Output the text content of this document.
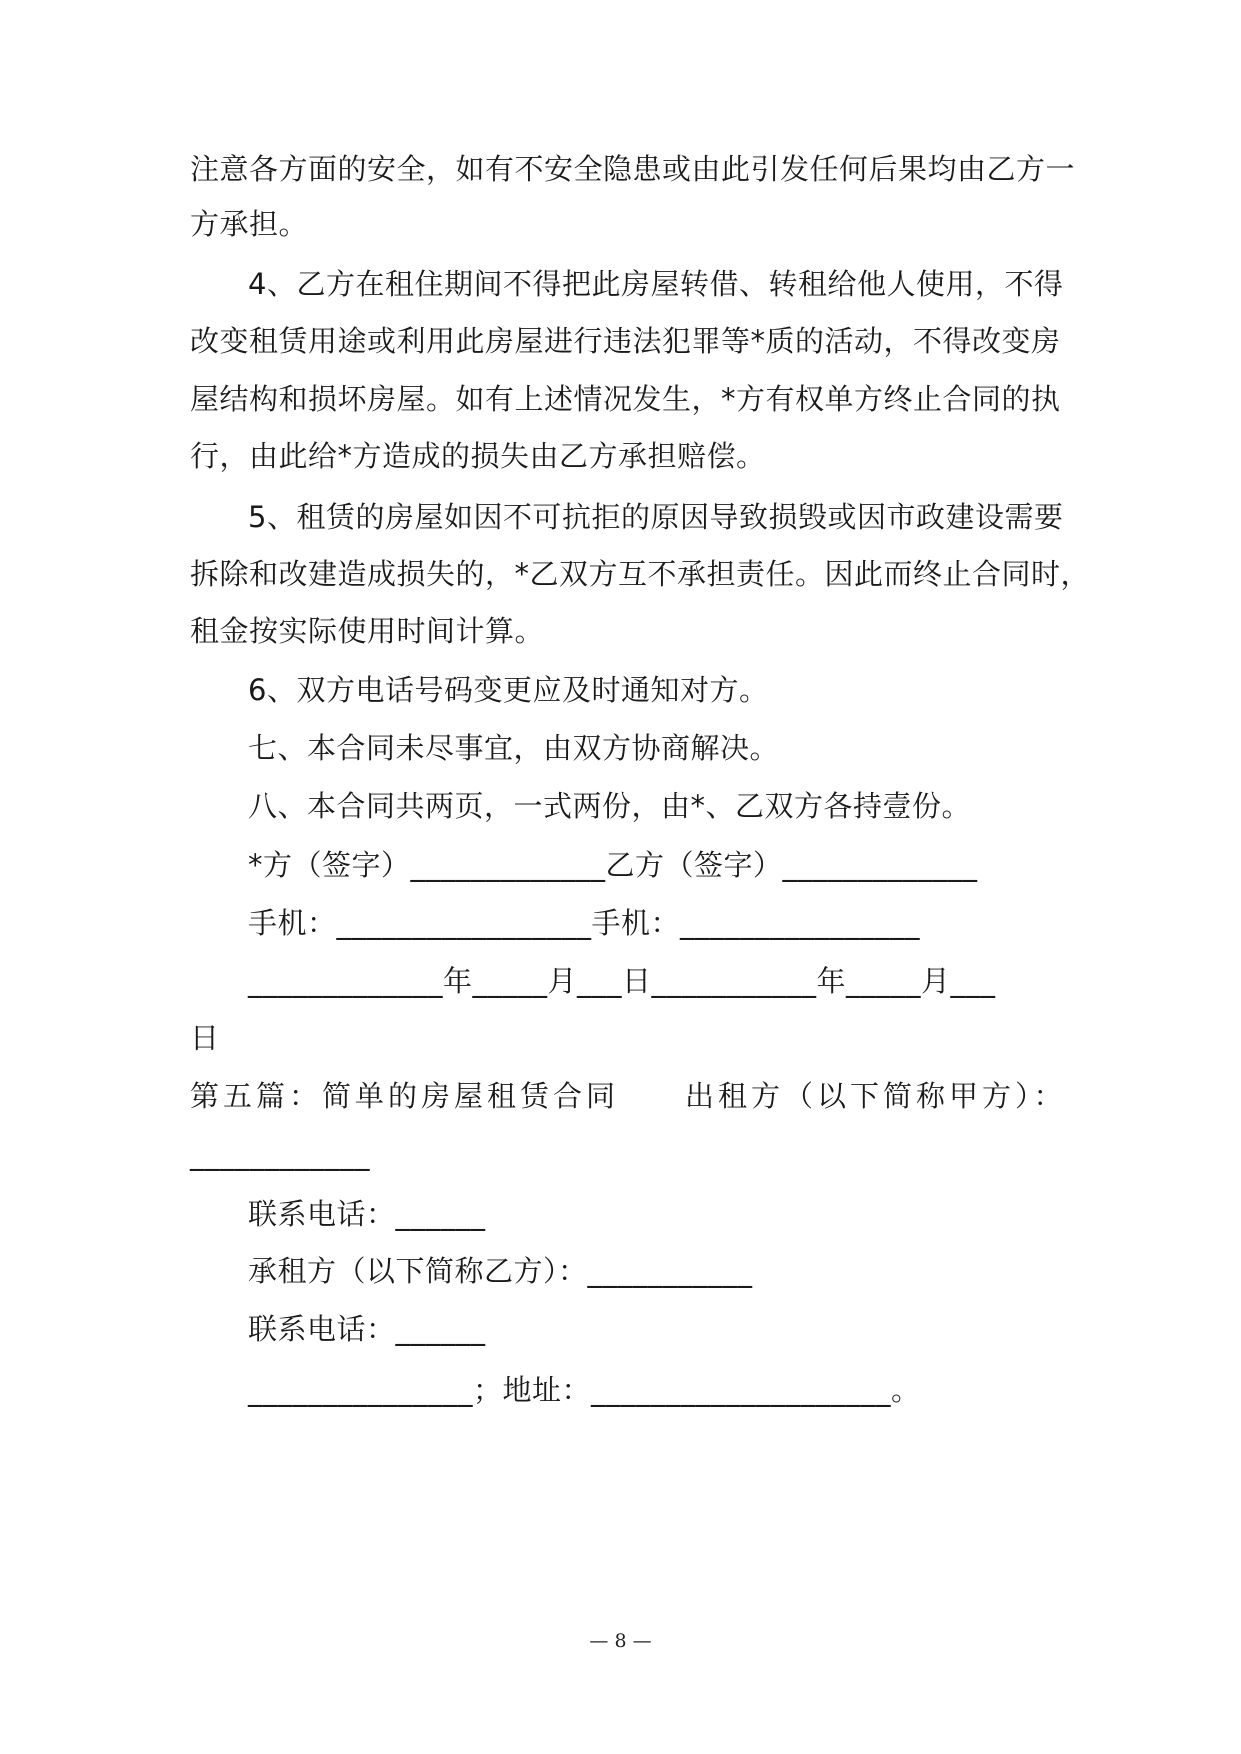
注意各方面的安全，如有不安全隐患或由此引发任何后果均由乙方一
方承担。
4、乙方在租住期间不得把此房屋转借、转租给他人使用，不得
改变租赁用途或利用此房屋进行违法犯罪等*质的活动，不得改变房
屋结构和损坏房屋。如有上述情况发生，*方有权单方终止合同的执
行，由此给*方造成的损失由乙方承担赔偿。
5、租赁的房屋如因不可抗拒的原因导致损毁或因市政建设需要
拆除和改建造成损失的，*乙双方互不承担责任。因此而终止合同时，
租金按实际使用时间计算。
6、双方电话号码变更应及时通知对方。
七、本合同未尽事宜，由双方协商解决。
八、本合同共两页，一式两份，由*、乙双方各持壹份。
*方（签字）_____________乙方（签字）_____________
手机：_________________手机：________________
_____________年_____月___日___________年_____月___
日
第五篇：简单的房屋租赁合同　　出租方（以下简称甲方）：
____________
联系电话：______
承租方（以下简称乙方）：___________
联系电话：______
_______________；地址：____________________。
— 8 —
